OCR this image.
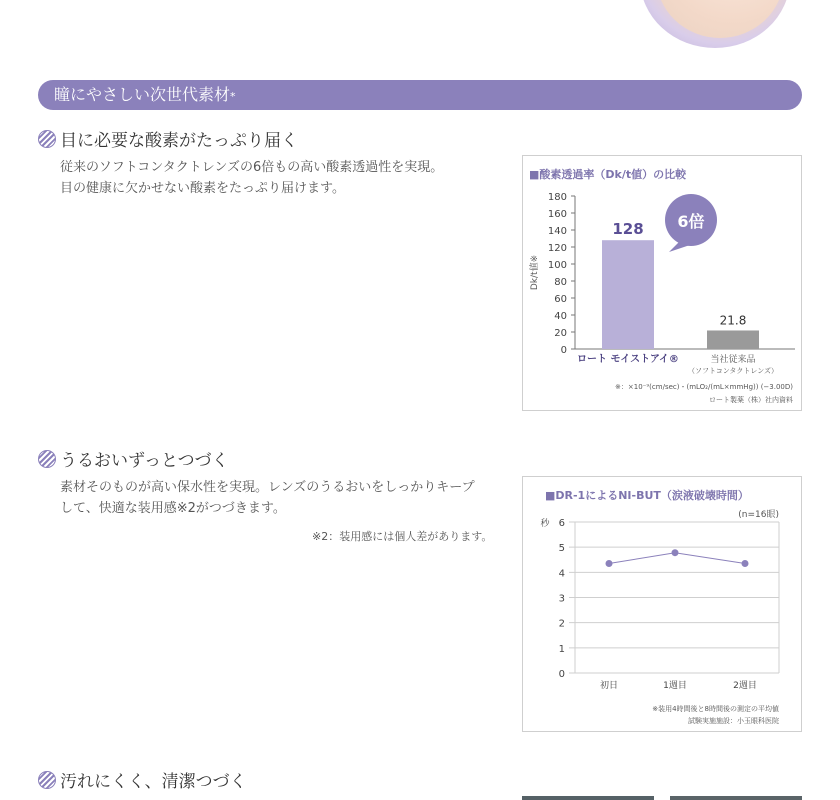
瞳にやさしい次世代素材*
目に必要な酸素がたっぷり届く
従来のソフトコンタクトレンズの6倍もの高い酸素透過性を実現。
目の健康に欠かせない酸素をたっぷり届けます。
■酸素透過率（Dk/t値）の比較
0
20
40
60
80
100
120
140
160
180
Dk/t値※
128
ロート モイストアイ®
21.8
当社従来品
（ソフトコンタクトレンズ）
6倍
※：×10⁻⁹(cm/sec)・(mLO₂/(mL×mmHg)) (−3.00D)
ロート製薬（株）社内資料
うるおいずっとつづく
素材そのものが高い保水性を実現。レンズのうるおいをしっかりキープ
して、快適な装用感※2がつづきます。
※2：装用感には個人差があります。
■DR-1によるNI-BUT（涙液破壊時間）
(n=16眼)
秒
0
1
2
3
4
5
6
初日	1週目	2週目
※装用4時間後と8時間後の測定の平均値
試験実施施設：小玉眼科医院
汚れにくく、清潔つづく
